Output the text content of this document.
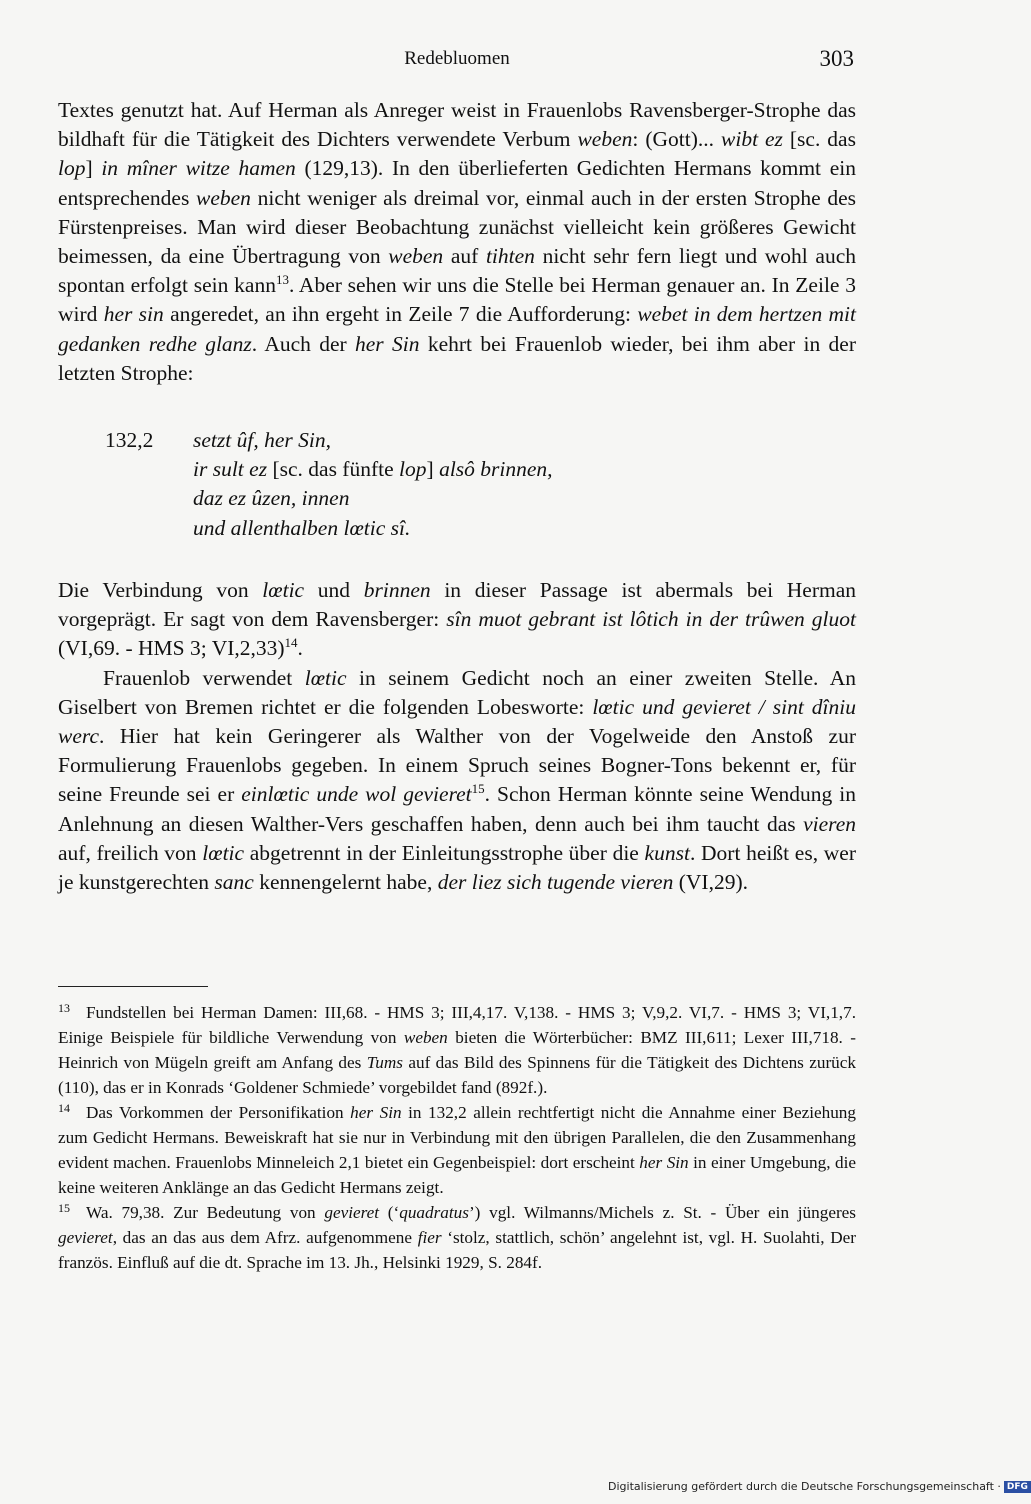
Redebluomen	303

Textes genutzt hat. Auf Herman als Anreger weist in Frauenlobs Ravensberger-Strophe das bildhaft für die Tätigkeit des Dichters verwendete Verbum weben: (Gott)... wibt ez [sc. das lop] in mîner witze hamen (129,13). In den überlieferten Gedichten Hermans kommt ein entsprechendes weben nicht weniger als dreimal vor, einmal auch in der ersten Strophe des Fürstenpreises. Man wird dieser Beobachtung zunächst vielleicht kein größeres Gewicht beimessen, da eine Übertragung von weben auf tihten nicht sehr fern liegt und wohl auch spontan erfolgt sein kann$^{13}$. Aber sehen wir uns die Stelle bei Herman genauer an. In Zeile 3 wird her sin angeredet, an ihn ergeht in Zeile 7 die Aufforderung: webet in dem hertzen mit gedanken redhe glanz. Auch der her Sin kehrt bei Frauenlob wieder, bei ihm aber in der letzten Strophe:

132,2 setzt ûf, her Sin,
ir sult ez [sc. das fünfte lop] alsô brinnen,
daz ez ûzen, innen
und allenthalben lœtic sî.

Die Verbindung von lœtic und brinnen in dieser Passage ist abermals bei Herman vorgeprägt. Er sagt von dem Ravensberger: sîn muot gebrant ist lôtich in der trûwen gluot (VI,69. - HMS 3; VI,2,33)$^{14}$.

Frauenlob verwendet lœtic in seinem Gedicht noch an einer zweiten Stelle. An Giselbert von Bremen richtet er die folgenden Lobesworte: lœtic und gevieret / sint dîniu werc. Hier hat kein Geringerer als Walther von der Vogelweide den Anstoß zur Formulierung Frauenlobs gegeben. In einem Spruch seines Bogner-Tons bekennt er, für seine Freunde sei er einlœtic unde wol gevieret$^{15}$. Schon Herman könnte seine Wendung in Anlehnung an diesen Walther-Vers geschaffen haben, denn auch bei ihm taucht das vieren auf, freilich von lœtic abgetrennt in der Einleitungsstrophe über die kunst. Dort heißt es, wer je kunstgerechten sanc kennengelernt habe, der liez sich tugende vieren (VI,29).

13 Fundstellen bei Herman Damen: III,68. - HMS 3; III,4,17. V,138. - HMS 3; V,9,2. VI,7. - HMS 3; VI,1,7. Einige Beispiele für bildliche Verwendung von weben bieten die Wörterbücher: BMZ III,611; Lexer III,718. - Heinrich von Mügeln greift am Anfang des Tums auf das Bild des Spinnens für die Tätigkeit des Dichtens zurück (110), das er in Konrads ‘Goldener Schmiede’ vorgebildet fand (892f.).

14 Das Vorkommen der Personifikation her Sin in 132,2 allein rechtfertigt nicht die Annahme einer Beziehung zum Gedicht Hermans. Beweiskraft hat sie nur in Verbindung mit den übrigen Parallelen, die den Zusammenhang evident machen. Frauenlobs Minneleich 2,1 bietet ein Gegenbeispiel: dort erscheint her Sin in einer Umgebung, die keine weiteren Anklänge an das Gedicht Hermans zeigt.

15 Wa. 79,38. Zur Bedeutung von gevieret (‘quadratus’) vgl. Wilmanns/Michels z. St. - Über ein jüngeres gevieret, das an das aus dem Afrz. aufgenommene fier ‘stolz, stattlich, schön’ angelehnt ist, vgl. H. Suolahti, Der französ. Einfluß auf die dt. Sprache im 13. Jh., Helsinki 1929, S. 284f.

Digitalisierung gefördert durch die Deutsche Forschungsgemeinschaft · DFG
